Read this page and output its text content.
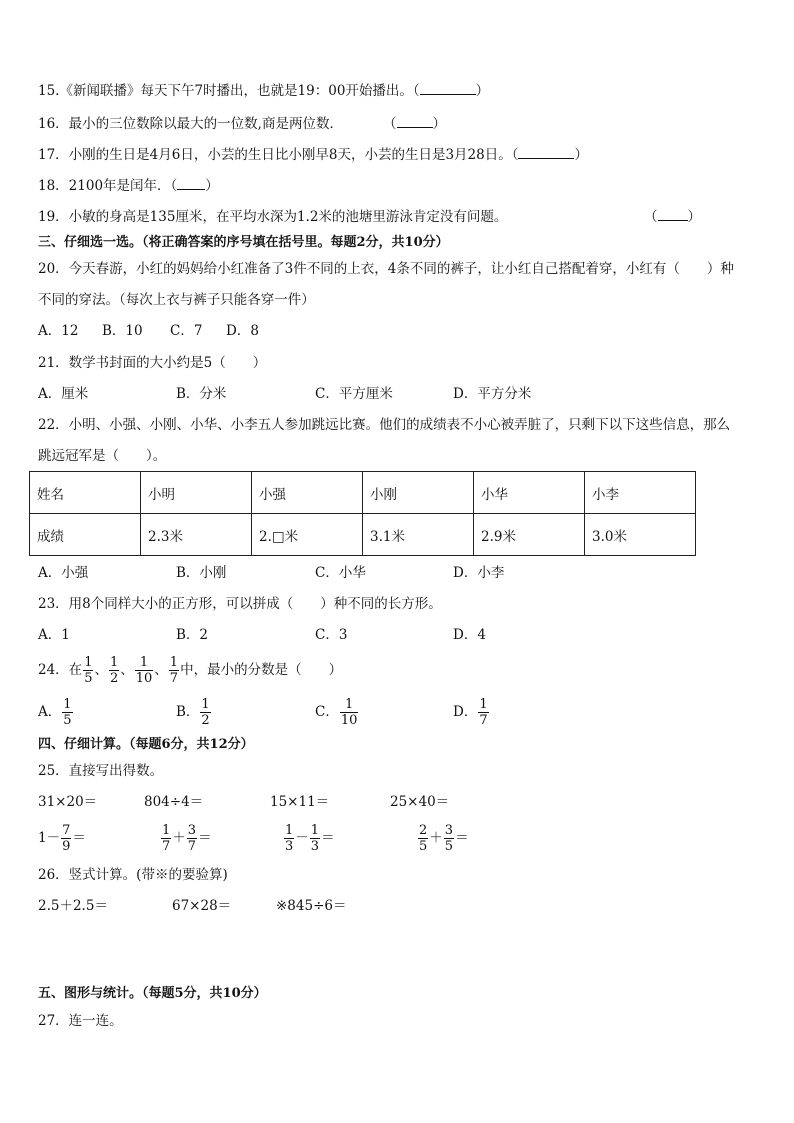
15.《新闻联播》每天下午7时播出，也就是19：00开始播出。（	）
16．最小的三位数除以最大的一位数,商是两位数．	（	）
17．小刚的生日是4月6日，小芸的生日比小刚早8天，小芸的生日是3月28日。（	）
18．2100年是闰年．（ ）
19．小敏的身高是135厘米，在平均水深为1.2米的池塘里游泳肯定没有问题。	（ ）
三、仔细选一选。（将正确答案的序号填在括号里。每题2分，共10分）
20．今天春游，小红的妈妈给小红准备了3件不同的上衣，4条不同的裤子，让小红自己搭配着穿，小红有（　　）种
不同的穿法。（每次上衣与裤子只能各穿一件）
A．12 B．10 C．7 D．8
21．数学书封面的大小约是5（　　）
A．厘米	B．分米	C．平方厘米	D．平方分米
22．小明、小强、小刚、小华、小李五人参加跳远比赛。他们的成绩表不小心被弄脏了，只剩下以下这些信息，那么
跳远冠军是（　　）。
姓名	小明	小强	小刚	小华	小李
成绩	2.3米	2.□米	3.1米	2.9米	3.0米
A．小强	B．小刚	C．小华	D．小李
23．用8个同样大小的正方形，可以拼成（　　）种不同的长方形。
A．1	B．2	C．3	D．4
24．在 $\frac{1}{5}$ 、 $\frac{1}{2}$ 、 $\frac{1}{10}$ 、 $\frac{1}{7}$ 中，最小的分数是（　　）
A． $\frac{1}{5}$	B． $\frac{1}{2}$	C． $\frac{1}{10}$	D． $\frac{1}{7}$
四、仔细计算。（每题6分，共12分）
25．直接写出得数。
31×20＝	804÷4＝	15×11＝	25×40＝
$1- \frac{7}{9}$ ＝	$\frac{1}{7} + \frac{3}{7}$ ＝	$\frac{1}{3} - \frac{1}{3}$ ＝	$\frac{2}{5} + \frac{3}{5}$ ＝
26．竖式计算。(带※的要验算)
2.5＋2.5＝	67×28＝	※845÷6＝
五、图形与统计。（每题5分，共10分）
27．连一连。
